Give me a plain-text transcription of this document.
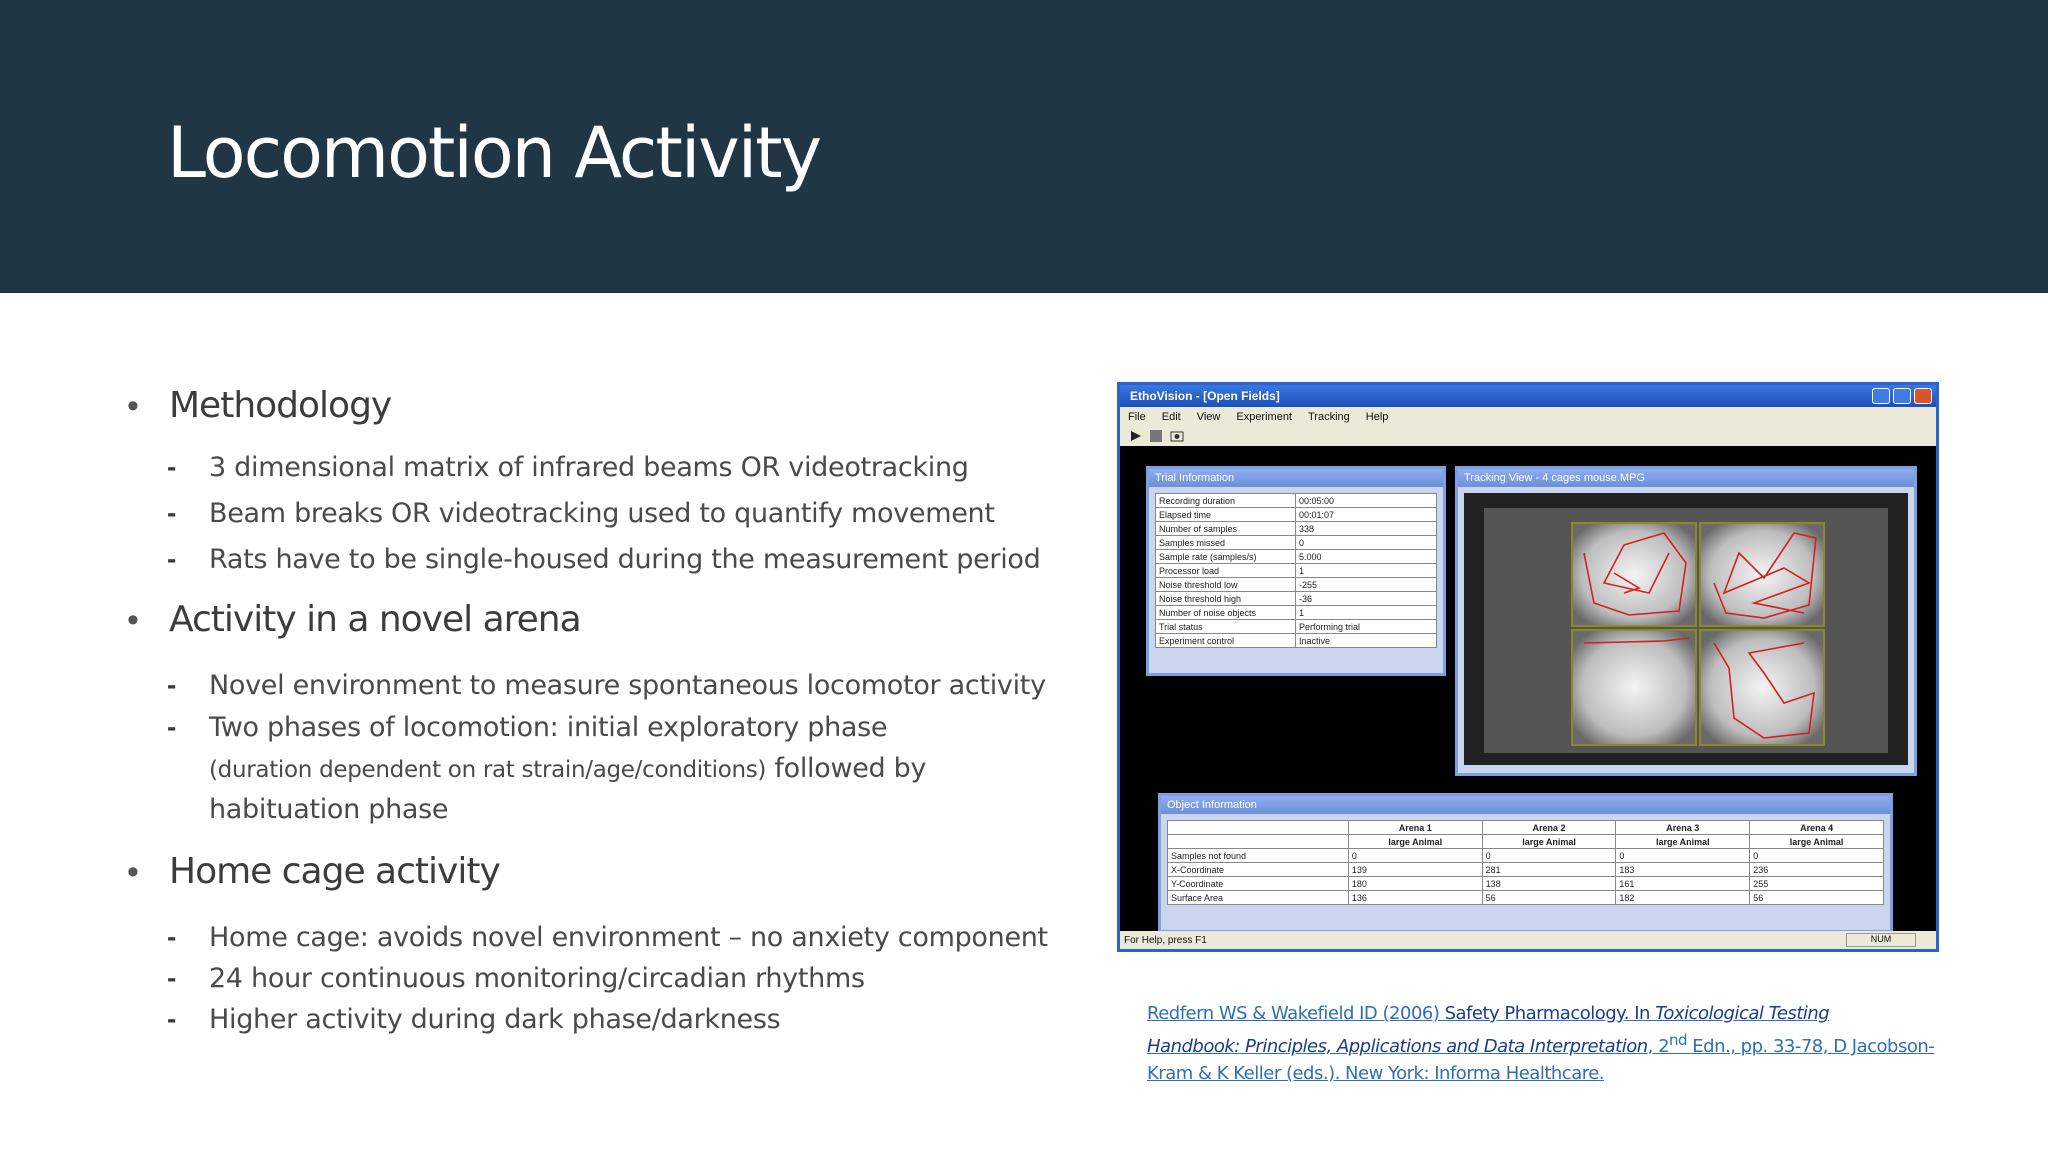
Locomotion Activity
• Methodology
-	3 dimensional matrix of infrared beams OR videotracking
-	Beam breaks OR videotracking used to quantify movement
-	Rats have to be single-housed during the measurement period
• Activity in a novel arena
-	Novel environment to measure spontaneous locomotor activity
-	Two phases of locomotion: initial exploratory phase
(duration dependent on rat strain/age/conditions) followed by
habituation phase
• Home cage activity
-	Home cage: avoids novel environment – no anxiety component
-	24 hour continuous monitoring/circadian rhythms
-	Higher activity during dark phase/darkness
EthoVision - [Open Fields]
File Edit View Experiment Tracking Help
Trial Information
Recording duration	00:05:00
Elapsed time	00:01:07
Number of samples	338
Samples missed	0
Sample rate (samples/s)	5.000
Processor load	1
Noise threshold low	-255
Noise threshold high	-36
Number of noise objects	1
Trial status	Performing trial
Experiment control	Inactive
Tracking View - 4 cages mouse.MPG
Object Information
	Arena 1	Arena 2	Arena 3	Arena 4
	large Animal	large Animal	large Animal	large Animal
Samples not found	0	0	0	0
X-Coordinate	139	281	183	236
Y-Coordinate	180	138	161	255
Surface Area	136	56	182	56
For Help, press F1	NUM
Redfern WS & Wakefield ID (2006) Safety Pharmacology. In Toxicological Testing
Handbook: Principles, Applications and Data Interpretation, 2nd Edn., pp. 33-78, D Jacobson-
Kram & K Keller (eds.). New York: Informa Healthcare.
